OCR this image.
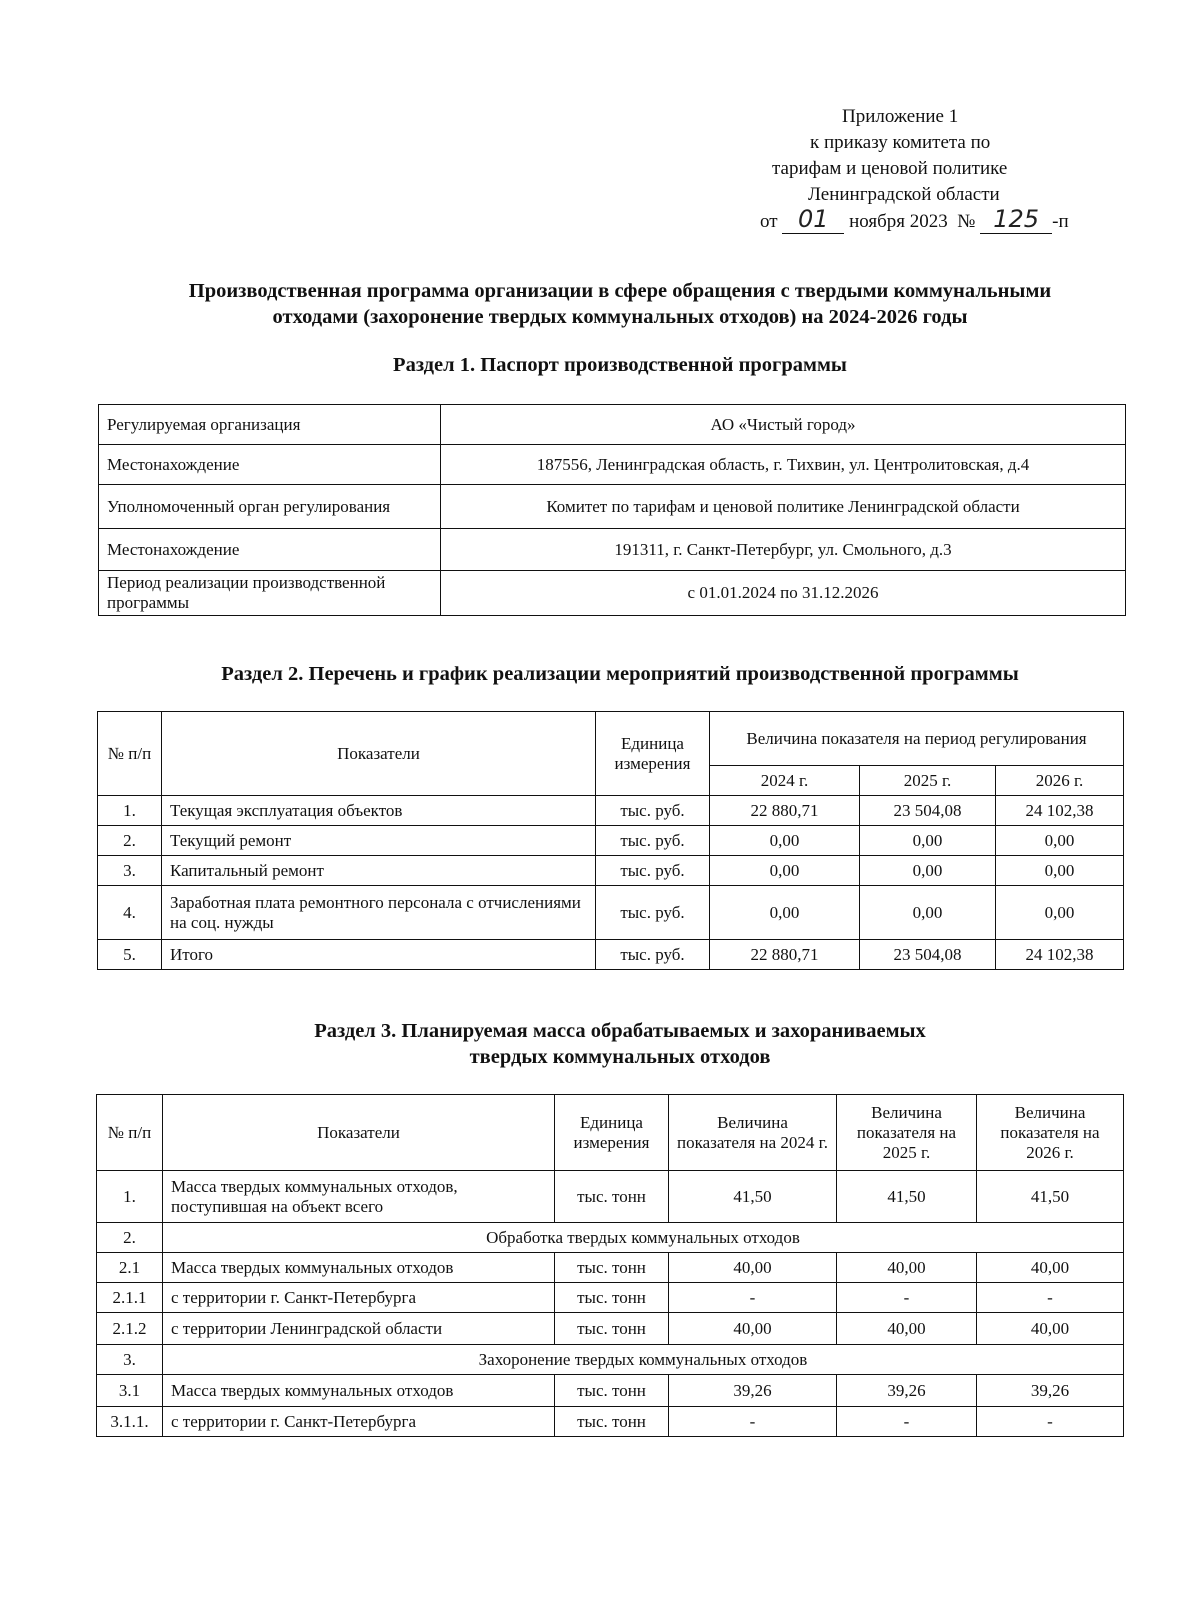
Приложение 1
к приказу комитета по
тарифам и ценовой политике
Ленинградской области
от 01 ноября 2023 № 125 -п
Производственная программа организации в сфере обращения с твердыми коммунальными
отходами (захоронение твердых коммунальных отходов) на 2024-2026 годы
Раздел 1. Паспорт производственной программы
Регулируемая организация	АО «Чистый город»
Местонахождение	187556, Ленинградская область, г. Тихвин, ул. Центролитовская, д.4
Уполномоченный орган регулирования	Комитет по тарифам и ценовой политике Ленинградской области
Местонахождение	191311, г. Санкт-Петербург, ул. Смольного, д.3
Период реализации производственной программы	с 01.01.2024 по 31.12.2026
Раздел 2. Перечень и график реализации мероприятий производственной программы
№ п/п	Показатели	Единица измерения	Величина показателя на период регулирования		
			2024 г.	2025 г.	2026 г.
1.	Текущая эксплуатация объектов	тыс. руб.	22 880,71	23 504,08	24 102,38
2.	Текущий ремонт	тыс. руб.	0,00	0,00	0,00
3.	Капитальный ремонт	тыс. руб.	0,00	0,00	0,00
4.	Заработная плата ремонтного персонала с отчислениями на соц. нужды	тыс. руб.	0,00	0,00	0,00
5.	Итого	тыс. руб.	22 880,71	23 504,08	24 102,38
Раздел 3. Планируемая масса обрабатываемых и захораниваемых
твердых коммунальных отходов
№ п/п	Показатели	Единица измерения	Величина показателя на 2024 г.	Величина показателя на 2025 г.	Величина показателя на 2026 г.
1.	Масса твердых коммунальных отходов, поступившая на объект всего	тыс. тонн	41,50	41,50	41,50
2.	Обработка твердых коммунальных отходов				
2.1	Масса твердых коммунальных отходов	тыс. тонн	40,00	40,00	40,00
2.1.1	с территории г. Санкт-Петербурга	тыс. тонн	-	-	-
2.1.2	с территории Ленинградской области	тыс. тонн	40,00	40,00	40,00
3.	Захоронение твердых коммунальных отходов				
3.1	Масса твердых коммунальных отходов	тыс. тонн	39,26	39,26	39,26
3.1.1.	с территории г. Санкт-Петербурга	тыс. тонн	-	-	-
